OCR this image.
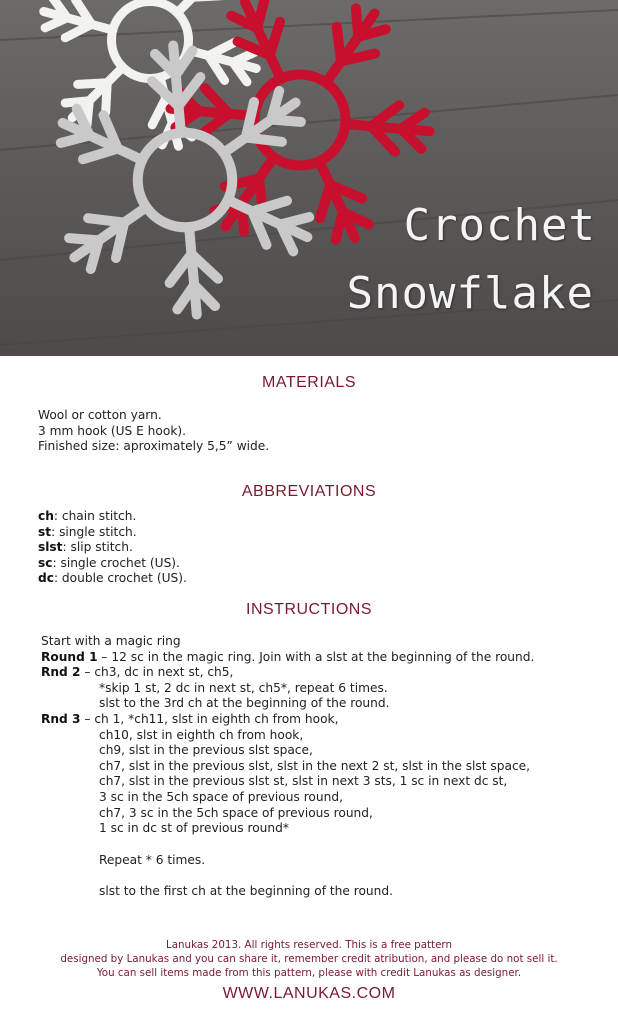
Crochet
Snowflake
MATERIALS
Wool or cotton yarn.
3 mm hook (US E hook).
Finished size: aproximately 5,5” wide.
ABBREVIATIONS
ch: chain stitch.
st: single stitch.
slst: slip stitch.
sc: single crochet (US).
dc: double crochet (US).
INSTRUCTIONS
Start with a magic ring
Round 1 – 12 sc in the magic ring. Join with a slst at the beginning of the round.
Rnd 2 – ch3, dc in next st, ch5,
*skip 1 st, 2 dc in next st, ch5*, repeat 6 times.
slst to the 3rd ch at the beginning of the round.
Rnd 3 – ch 1, *ch11, slst in eighth ch from hook,
ch10, slst in eighth ch from hook,
ch9, slst in the previous slst space,
ch7, slst in the previous slst, slst in the next 2 st, slst in the slst space,
ch7, slst in the previous slst st, slst in next 3 sts, 1 sc in next dc st,
3 sc in the 5ch space of previous round,
ch7, 3 sc in the 5ch space of previous round,
1 sc in dc st of previous round*
Repeat * 6 times.
slst to the first ch at the beginning of the round.
Lanukas 2013. All rights reserved. This is a free pattern
designed by Lanukas and you can share it, remember credit atribution, and please do not sell it.
You can sell items made from this pattern, please with credit Lanukas as designer.
WWW.LANUKAS.COM
